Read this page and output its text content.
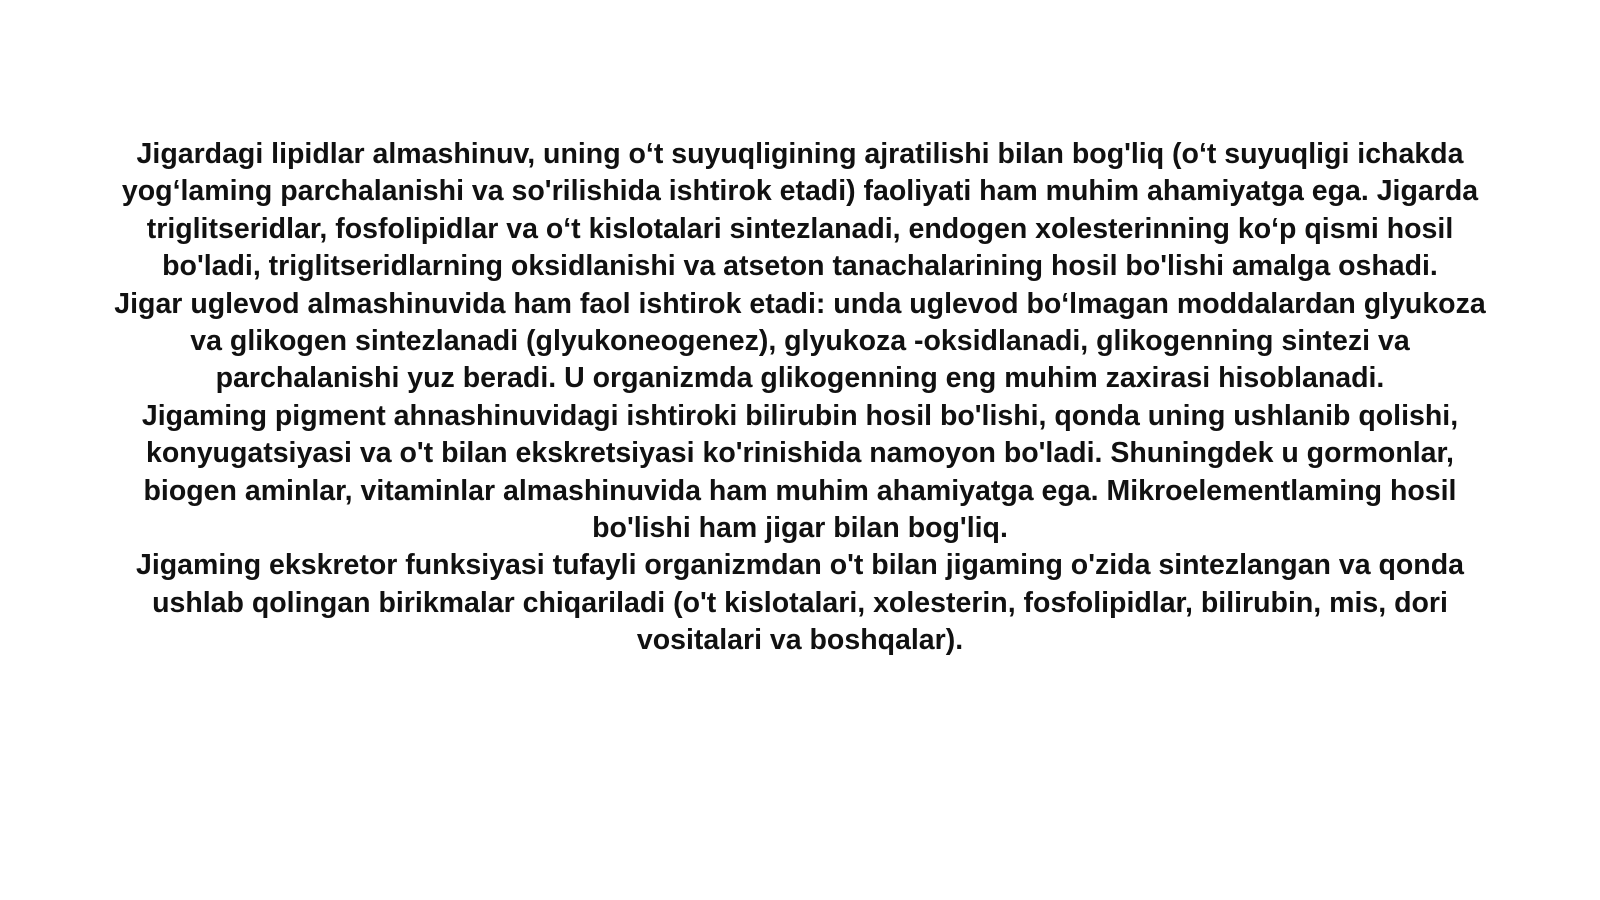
Jigardagi lipidlar almashinuv, uning o‘t suyuqligining ajratilishi bilan bog'liq (o‘t suyuqligi ichakda yog‘laming parchalanishi va so'rilishida ishtirok etadi) faoliyati ham muhim ahamiyatga ega. Jigarda triglitseridlar, fosfolipidlar va o‘t kislotalari sintezlanadi, endogen xolesterinning ko‘p qismi hosil bo'ladi, triglitseridlarning oksidlanishi va atseton tanachalarining hosil bo'lishi amalga oshadi.

Jigar uglevod almashinuvida ham faol ishtirok etadi: unda uglevod bo‘lmagan moddalardan glyukoza va glikogen sintezlanadi (glyukoneogenez), glyukoza -oksidlanadi, glikogenning sintezi va parchalanishi yuz beradi. U organizmda glikogenning eng muhim zaxirasi hisoblanadi.

Jigaming pigment ahnashinuvidagi ishtiroki bilirubin hosil bo'lishi, qonda uning ushlanib qolishi, konyugatsiyasi va o't bilan ekskretsiyasi ko'rinishida namoyon bo'ladi. Shuningdek u gormonlar, biogen aminlar, vitaminlar almashinuvida ham muhim ahamiyatga ega. Mikroelementlaming hosil bo'lishi ham jigar bilan bog'liq.

Jigaming ekskretor funksiyasi tufayli organizmdan o't bilan jigaming o'zida sintezlangan va qonda ushlab qolingan birikmalar chiqariladi (o't kislotalari, xolesterin, fosfolipidlar, bilirubin, mis, dori vositalari va boshqalar).
